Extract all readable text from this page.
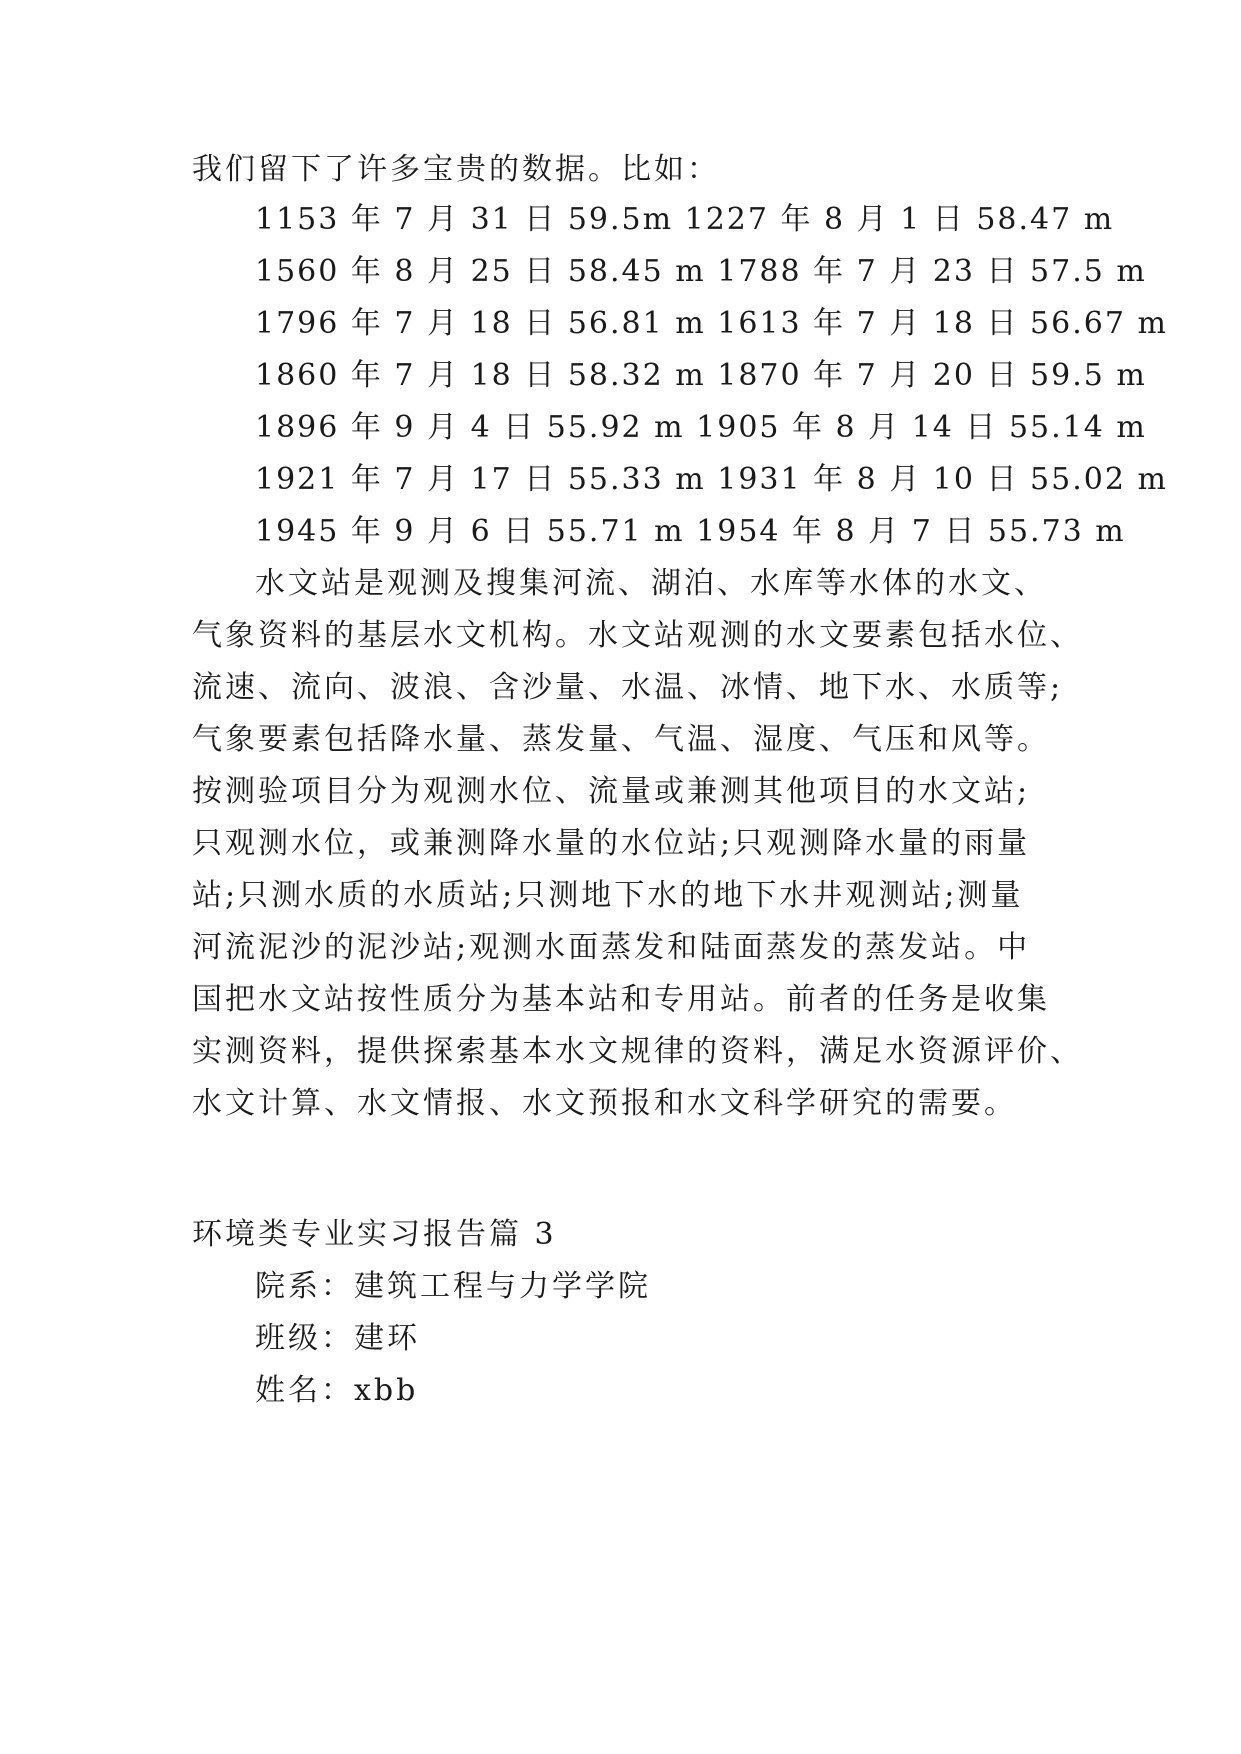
我们留下了许多宝贵的数据。比如：
1153 年 7 月 31 日 59.5m 1227 年 8 月 1 日 58.47 m
1560 年 8 月 25 日 58.45 m 1788 年 7 月 23 日 57.5 m
1796 年 7 月 18 日 56.81 m 1613 年 7 月 18 日 56.67 m
1860 年 7 月 18 日 58.32 m 1870 年 7 月 20 日 59.5 m
1896 年 9 月 4 日 55.92 m 1905 年 8 月 14 日 55.14 m
1921 年 7 月 17 日 55.33 m 1931 年 8 月 10 日 55.02 m
1945 年 9 月 6 日 55.71 m 1954 年 8 月 7 日 55.73 m
水文站是观测及搜集河流、湖泊、水库等水体的水文、
气象资料的基层水文机构。水文站观测的水文要素包括水位、
流速、流向、波浪、含沙量、水温、冰情、地下水、水质等;
气象要素包括降水量、蒸发量、气温、湿度、气压和风等。
按测验项目分为观测水位、流量或兼测其他项目的水文站;
只观测水位，或兼测降水量的水位站;只观测降水量的雨量
站;只测水质的水质站;只测地下水的地下水井观测站;测量
河流泥沙的泥沙站;观测水面蒸发和陆面蒸发的蒸发站。中
国把水文站按性质分为基本站和专用站。前者的任务是收集
实测资料，提供探索基本水文规律的资料，满足水资源评价、
水文计算、水文情报、水文预报和水文科学研究的需要。
环境类专业实习报告篇 3
院系：建筑工程与力学学院
班级：建环
姓名：xbb
